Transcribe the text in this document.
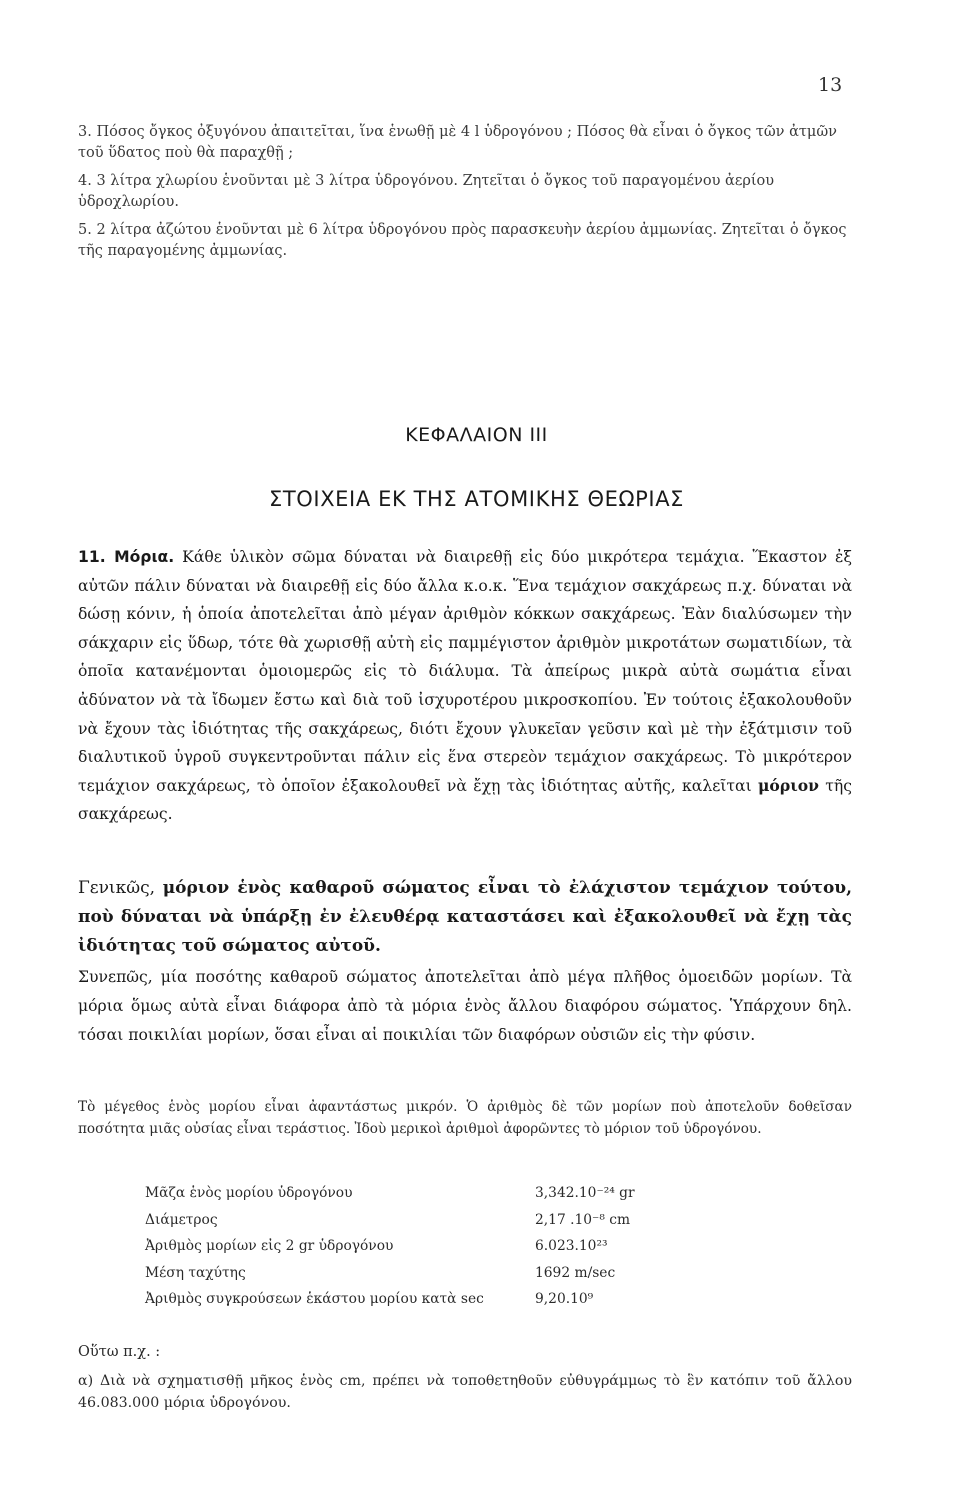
13

3. Πόσος ὄγκος ὀξυγόνου ἀπαιτεῖται, ἵνα ἑνωθῇ μὲ 4 l ὑδρογόνου ; Πόσος θὰ εἶναι ὁ ὄγκος τῶν ἀτμῶν τοῦ ὕδατος ποὺ θὰ παραχθῇ ;

4. 3 λίτρα χλωρίου ἑνοῦνται μὲ 3 λίτρα ὑδρογόνου. Ζητεῖται ὁ ὄγκος τοῦ παραγομένου ἀερίου ὑδροχλωρίου.

5. 2 λίτρα ἀζώτου ἑνοῦνται μὲ 6 λίτρα ὑδρογόνου πρὸς παρασκευὴν ἀερίου ἀμμωνίας. Ζητεῖται ὁ ὄγκος τῆς παραγομένης ἀμμωνίας.

ΚΕΦΑΛΑΙΟΝ III
ΣΤΟΙΧΕΙΑ ΕΚ ΤΗΣ ΑΤΟΜΙΚΗΣ ΘΕΩΡΙΑΣ

11. Μόρια. Κάθε ὑλικὸν σῶμα δύναται νὰ διαιρεθῇ εἰς δύο μικρότερα τεμάχια. Ἕκαστον ἐξ αὐτῶν πάλιν δύναται νὰ διαιρεθῇ εἰς δύο ἄλλα κ.ο.κ. Ἕνα τεμάχιον σακχάρεως π.χ. δύναται νὰ δώσῃ κόνιν, ἡ ὁποία ἀποτελεῖται ἀπὸ μέγαν ἀριθμὸν κόκκων σακχάρεως. Ἐὰν διαλύσωμεν τὴν σάκχαριν εἰς ὕδωρ, τότε θὰ χωρισθῇ αὐτὴ εἰς παμμέγιστον ἀριθμὸν μικροτάτων σωματιδίων, τὰ ὁποῖα κατανέμονται ὁμοιομερῶς εἰς τὸ διάλυμα. Τὰ ἀπείρως μικρὰ αὐτὰ σωμάτια εἶναι ἀδύνατον νὰ τὰ ἴδωμεν ἔστω καὶ διὰ τοῦ ἰσχυροτέρου μικροσκοπίου. Ἐν τούτοις ἐξακολουθοῦν νὰ ἔχουν τὰς ἰδιότητας τῆς σακχάρεως, διότι ἔχουν γλυκεῖαν γεῦσιν καὶ μὲ τὴν ἐξάτμισιν τοῦ διαλυτικοῦ ὑγροῦ συγκεντροῦνται πάλιν εἰς ἕνα στερεὸν τεμάχιον σακχάρεως. Τὸ μικρότερον τεμάχιον σακχάρεως, τὸ ὁποῖον ἐξακολουθεῖ νὰ ἔχῃ τὰς ἰδιότητας αὐτῆς, καλεῖται μόριον τῆς σακχάρεως.

Γενικῶς, μόριον ἑνὸς καθαροῦ σώματος εἶναι τὸ ἐλάχιστον τεμάχιον τούτου, ποὺ δύναται νὰ ὑπάρξῃ ἐν ἐλευθέρᾳ καταστάσει καὶ ἐξακολουθεῖ νὰ ἔχῃ τὰς ἰδιότητας τοῦ σώματος αὐτοῦ.
Συνεπῶς, μία ποσότης καθαροῦ σώματος ἀποτελεῖται ἀπὸ μέγα πλῆθος ὁμοειδῶν μορίων. Τὰ μόρια ὅμως αὐτὰ εἶναι διάφορα ἀπὸ τὰ μόρια ἑνὸς ἄλλου διαφόρου σώματος. Ὑπάρχουν δηλ. τόσαι ποικιλίαι μορίων, ὅσαι εἶναι αἱ ποικιλίαι τῶν διαφόρων οὐσιῶν εἰς τὴν φύσιν.
Τὸ μέγεθος ἑνὸς μορίου εἶναι ἀφαντάστως μικρόν. Ὁ ἀριθμὸς δὲ τῶν μορίων ποὺ ἀποτελοῦν δοθεῖσαν ποσότητα μιᾶς οὐσίας εἶναι τεράστιος. Ἰδοὺ μερικοὶ ἀριθμοὶ ἀφορῶντες τὸ μόριον τοῦ ὑδρογόνου.
Μᾶζα ἑνὸς μορίου ὑδρογόνου	3,342.10⁻²⁴ gr
Διάμετρος	2,17 .10⁻⁸ cm
Ἀριθμὸς μορίων εἰς 2 gr ὑδρογόνου	6.023.10²³
Μέση ταχύτης	1692 m/sec
Ἀριθμὸς συγκρούσεων ἑκάστου μορίου κατὰ sec	9,20.10⁹
Οὕτω π.χ. :
α) Διὰ νὰ σχηματισθῇ μῆκος ἑνὸς cm, πρέπει νὰ τοποθετηθοῦν εὐθυγράμμως τὸ ἓν κατόπιν τοῦ ἄλλου 46.083.000 μόρια ὑδρογόνου.
